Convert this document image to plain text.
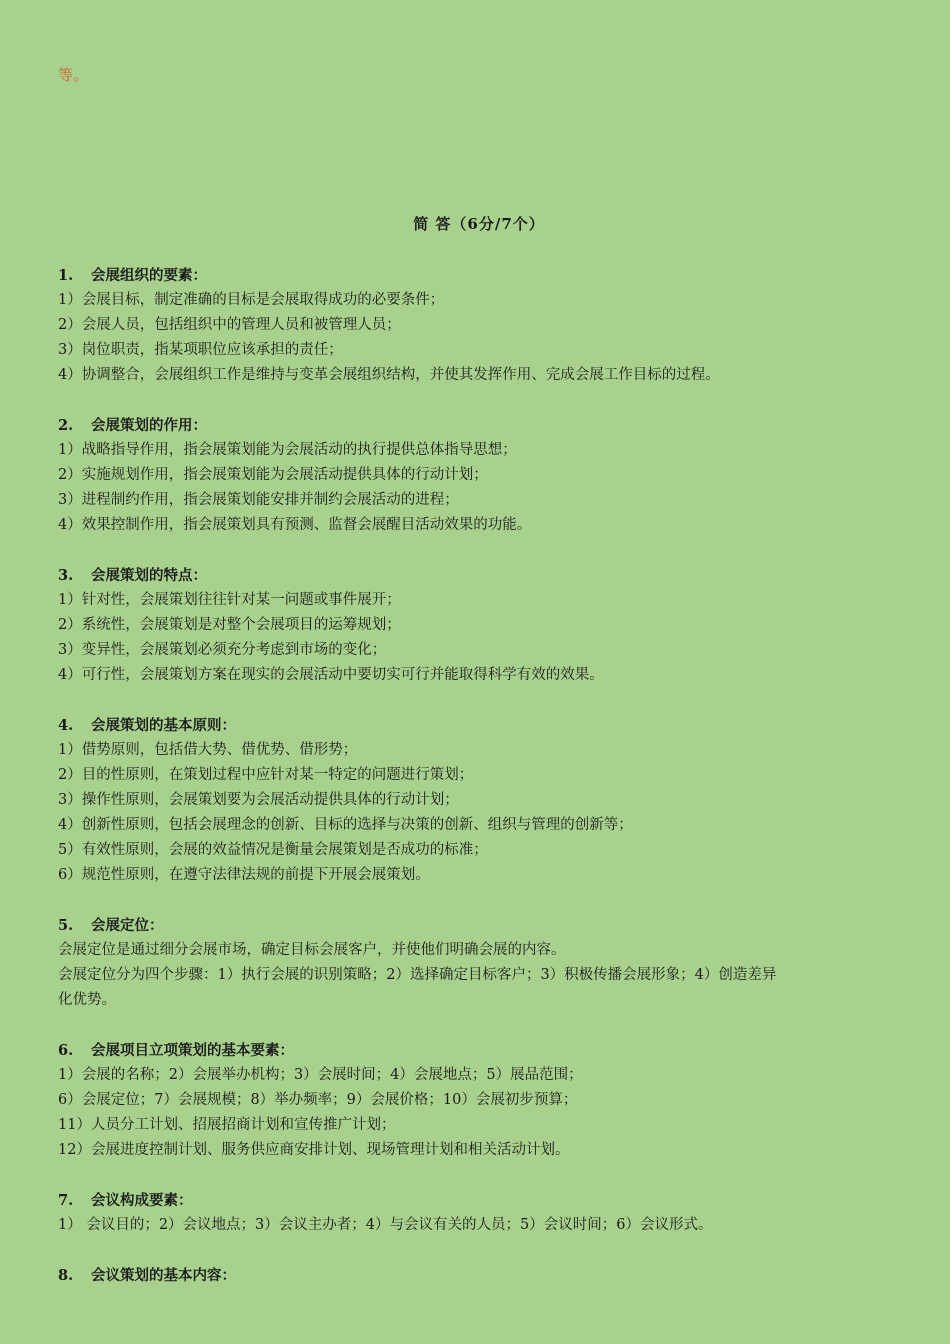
等。
简 答（6分/7个）
1. 会展组织的要素：
1）会展目标，制定准确的目标是会展取得成功的必要条件；
2）会展人员，包括组织中的管理人员和被管理人员；
3）岗位职责，指某项职位应该承担的责任；
4）协调整合，会展组织工作是维持与变革会展组织结构，并使其发挥作用、完成会展工作目标的过程。
2. 会展策划的作用：
1）战略指导作用，指会展策划能为会展活动的执行提供总体指导思想；
2）实施规划作用，指会展策划能为会展活动提供具体的行动计划；
3）进程制约作用，指会展策划能安排并制约会展活动的进程；
4）效果控制作用，指会展策划具有预测、监督会展醒目活动效果的功能。
3. 会展策划的特点：
1）针对性，会展策划往往针对某一问题或事件展开；
2）系统性，会展策划是对整个会展项目的运筹规划；
3）变异性，会展策划必须充分考虑到市场的变化；
4）可行性，会展策划方案在现实的会展活动中要切实可行并能取得科学有效的效果。
4. 会展策划的基本原则：
1）借势原则，包括借大势、借优势、借形势；
2）目的性原则，在策划过程中应针对某一特定的问题进行策划；
3）操作性原则，会展策划要为会展活动提供具体的行动计划；
4）创新性原则，包括会展理念的创新、目标的选择与决策的创新、组织与管理的创新等；
5）有效性原则，会展的效益情况是衡量会展策划是否成功的标准；
6）规范性原则，在遵守法律法规的前提下开展会展策划。
5. 会展定位：
会展定位是通过细分会展市场，确定目标会展客户，并使他们明确会展的内容。
会展定位分为四个步骤：1）执行会展的识别策略；2）选择确定目标客户；3）积极传播会展形象；4）创造差异
化优势。
6. 会展项目立项策划的基本要素：
1）会展的名称；2）会展举办机构；3）会展时间；4）会展地点；5）展品范围；
6）会展定位；7）会展规模；8）举办频率；9）会展价格；10）会展初步预算；
11）人员分工计划、招展招商计划和宣传推广计划；
12）会展进度控制计划、服务供应商安排计划、现场管理计划和相关活动计划。
7. 会议构成要素：
1） 会议目的；2）会议地点；3）会议主办者；4）与会议有关的人员；5）会议时间；6）会议形式。
8. 会议策划的基本内容：
